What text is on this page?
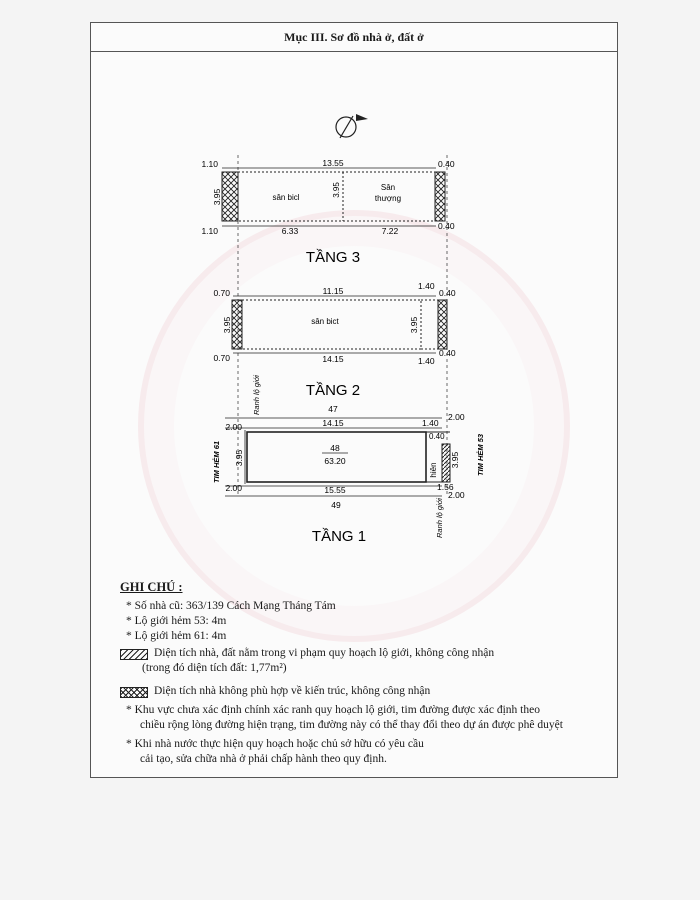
Mục III. Sơ đồ nhà ở, đất ở
1.10	13.55	0.40
3.95	3.95
sân bicl
Sân
thượng
1.10	6.33	7.22	0.40
TẦNG 3
0.70	11.15	1.40
0.40
3.95	3.95
sân bict
0.70	14.15	1.40
0.40
TẦNG 2
47
14.15
2.00	1.40
2.00
0.40
3.95	3.95
48
63.20
hiên
2.00	15.55	1.56
2.00
49
TIM HẺM 61	TIM HẺM 53
Ranh lộ giới
Ranh lộ giới
TẦNG 1
GHI CHÚ :
* Số nhà cũ: 363/139 Cách Mạng Tháng Tám
* Lộ giới hẻm 53: 4m
* Lộ giới hẻm 61: 4m
Diện tích nhà, đất nằm trong vi phạm quy hoạch lộ giới, không công nhận
(trong đó diện tích đất: 1,77m²)
Diện tích nhà không phù hợp về kiến trúc, không công nhận
* Khu vực chưa xác định chính xác ranh quy hoạch lộ giới, tim đường được xác định theo
chiều rộng lòng đường hiện trạng, tim đường này có thể thay đổi theo dự án được phê duyệt
* Khi nhà nước thực hiện quy hoạch hoặc chủ sở hữu có yêu cầu
cải tạo, sửa chữa nhà ở phải chấp hành theo quy định.
